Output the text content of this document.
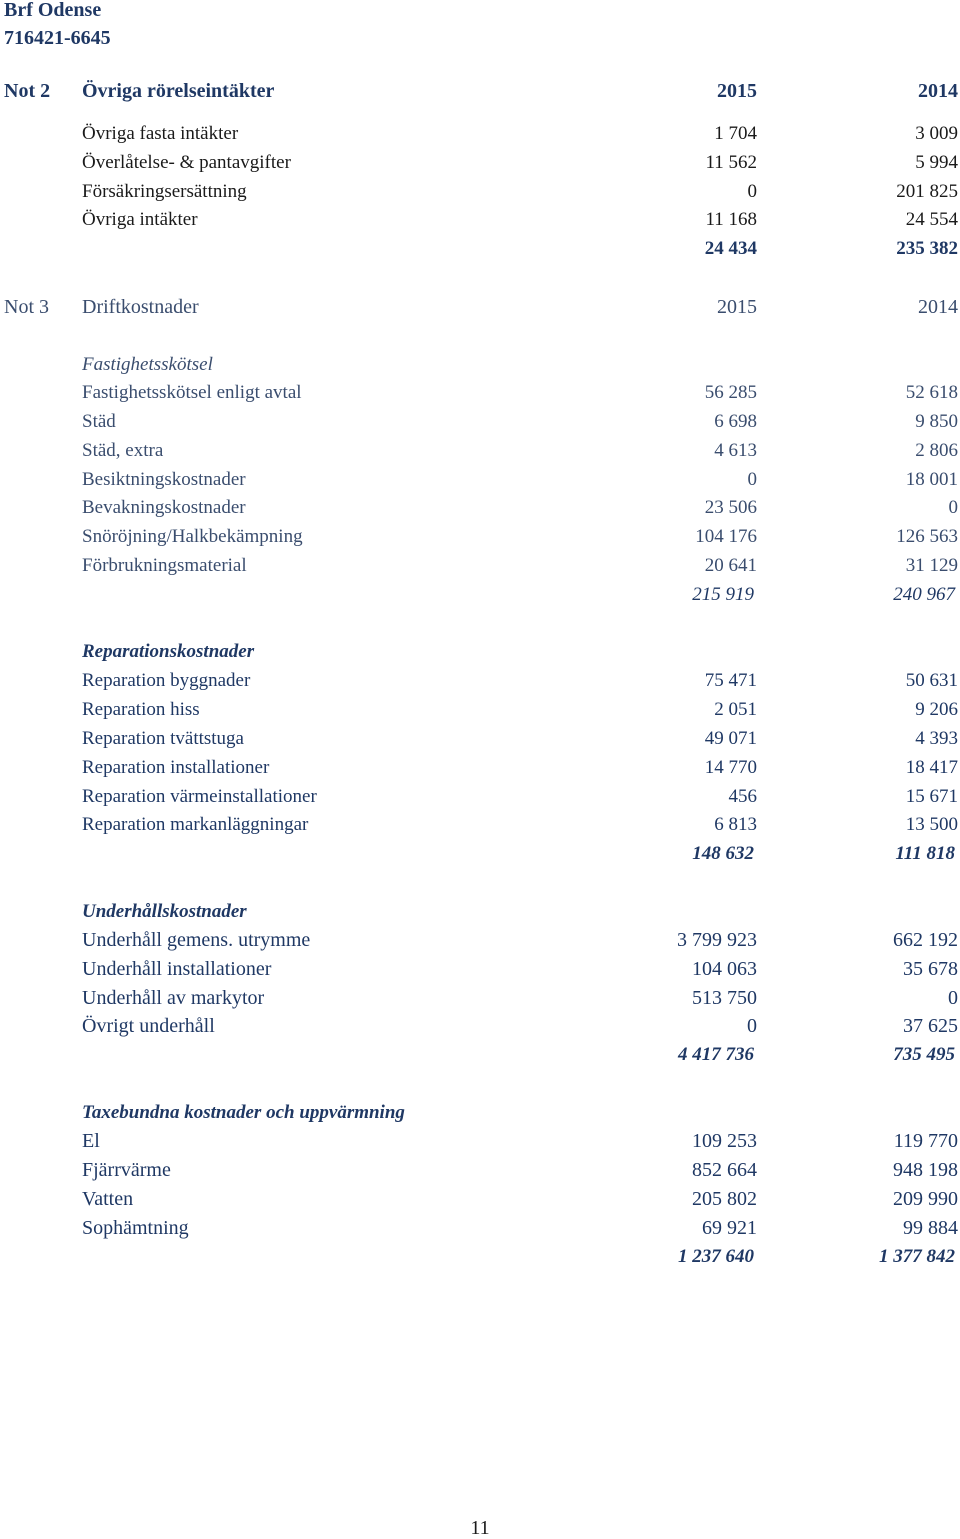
Brf Odense
716421-6645
Not 2 Övriga rörelseintäkter	2015	2014
Övriga fasta intäkter	1 704	3 009
Överlåtelse- & pantavgifter	11 562	5 994
Försäkringsersättning	0	201 825
Övriga intäkter	11 168	24 554
24 434	235 382
Not 3 Driftkostnader	2015	2014
Fastighetsskötsel
Fastighetsskötsel enligt avtal	56 285	52 618
Städ	6 698	9 850
Städ, extra	4 613	2 806
Besiktningskostnader	0	18 001
Bevakningskostnader	23 506	0
Snöröjning/Halkbekämpning	104 176	126 563
Förbrukningsmaterial	20 641	31 129
215 919	240 967
Reparationskostnader
Reparation byggnader	75 471	50 631
Reparation hiss	2 051	9 206
Reparation tvättstuga	49 071	4 393
Reparation installationer	14 770	18 417
Reparation värmeinstallationer	456	15 671
Reparation markanläggningar	6 813	13 500
148 632	111 818
Underhållskostnader
Underhåll gemens. utrymme	3 799 923	662 192
Underhåll installationer	104 063	35 678
Underhåll av markytor	513 750	0
Övrigt underhåll	0	37 625
4 417 736	735 495
Taxebundna kostnader och uppvärmning
El	109 253	119 770
Fjärrvärme	852 664	948 198
Vatten	205 802	209 990
Sophämtning	69 921	99 884
1 237 640	1 377 842
11
